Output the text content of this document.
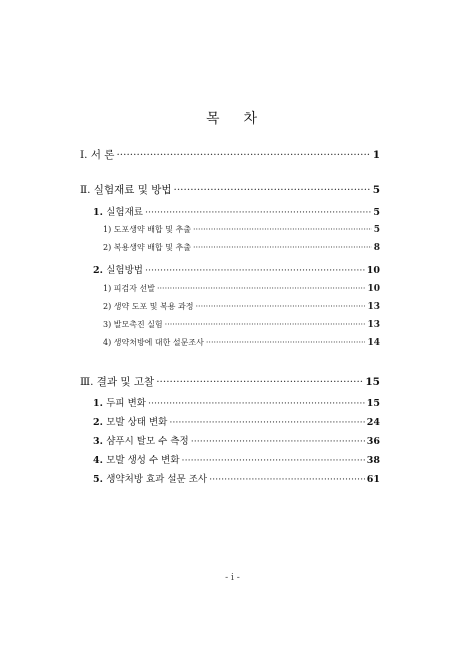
목 차
Ⅰ. 서 론 ·····	1
Ⅱ. 실험재료 및 방법 ·····	5
1. 실험재료 ·····	5
1) 도포생약 배합 및 추출 ·····	5
2) 복용생약 배합 및 추출 ·····	8
2. 실험방법 ·····	10
1) 피검자 선발 ·····	10
2) 생약 도포 및 복용 과정 ·····	13
3) 발모촉진 실험 ·····	13
4) 생약처방에 대한 설문조사 ·····	14
Ⅲ. 결과 및 고찰 ·····	15
1. 두피 변화 ·····	15
2. 모발 상태 변화 ·····	24
3. 샴푸시 탈모 수 측정 ·····	36
4. 모발 생성 수 변화 ·····	38
5. 생약처방 효과 설문 조사 ·····	61
- i -
